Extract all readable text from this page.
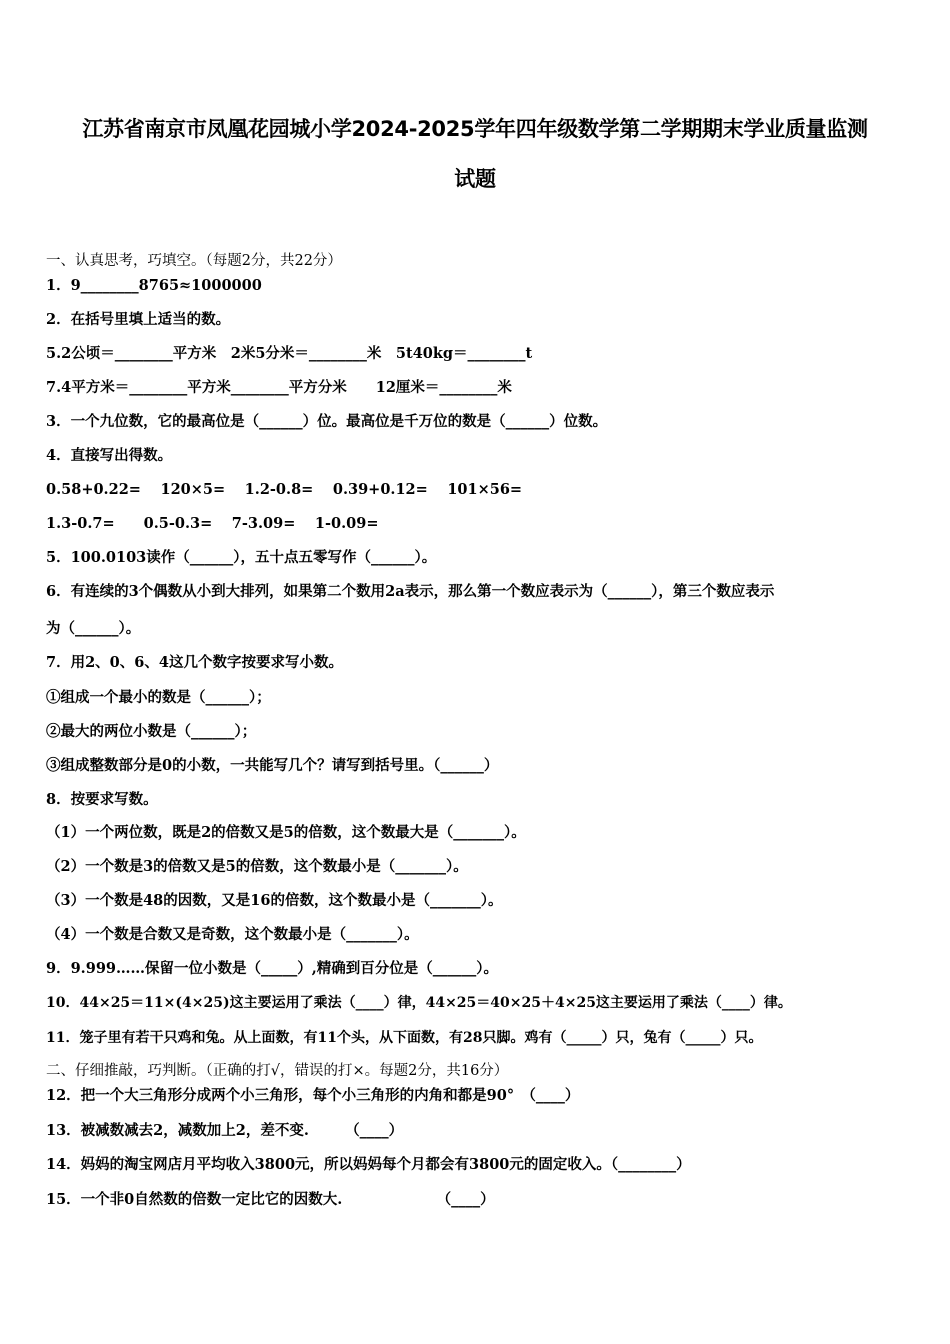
江苏省南京市凤凰花园城小学2024-2025学年四年级数学第二学期期末学业质量监测
试题
一、认真思考，巧填空。（每题2分，共22分）
1．9________8765≈1000000
2．在括号里填上适当的数。
5.2公顷＝________平方米　2米5分米＝________米　5t40kg＝________t
7.4平方米＝________平方米________平方分米　　12厘米＝________米
3．一个九位数，它的最高位是（______）位。最高位是千万位的数是（______）位数。
4．直接写出得数。
0.58+0.22=　 120×5=　 1.2-0.8=　 0.39+0.12=　 101×56=
1.3-0.7=　　0.5-0.3=　 7-3.09=　 1-0.09=
5．100.0103读作（______），五十点五零写作（______）。
6．有连续的3个偶数从小到大排列，如果第二个数用2a表示，那么第一个数应表示为（______），第三个数应表示
为（______）。
7．用2、0、6、4这几个数字按要求写小数。
①组成一个最小的数是（______）；
②最大的两位小数是（______）；
③组成整数部分是0的小数，一共能写几个？请写到括号里。（______）
8．按要求写数。
（1）一个两位数，既是2的倍数又是5的倍数，这个数最大是（_______）。
（2）一个数是3的倍数又是5的倍数，这个数最小是（_______）。
（3）一个数是48的因数，又是16的倍数，这个数最小是（_______）。
（4）一个数是合数又是奇数，这个数最小是（_______）。
9．9.999……保留一位小数是（_____）,精确到百分位是（______）。
10．44×25＝11×(4×25)这主要运用了乘法（____）律，44×25＝40×25＋4×25这主要运用了乘法（____）律。
11．笼子里有若干只鸡和兔。从上面数，有11个头，从下面数，有28只脚。鸡有（_____）只，兔有（_____）只。
二、仔细推敲，巧判断。（正确的打√，错误的打×。每题2分，共16分）
12．把一个大三角形分成两个小三角形，每个小三角形的内角和都是90°　（____）
13．被减数减去2，减数加上2，差不变.　　　（____）
14．妈妈的淘宝网店月平均收入3800元，所以妈妈每个月都会有3800元的固定收入。（________）
15．一个非0自然数的倍数一定比它的因数大.　　　　　　　（____）
